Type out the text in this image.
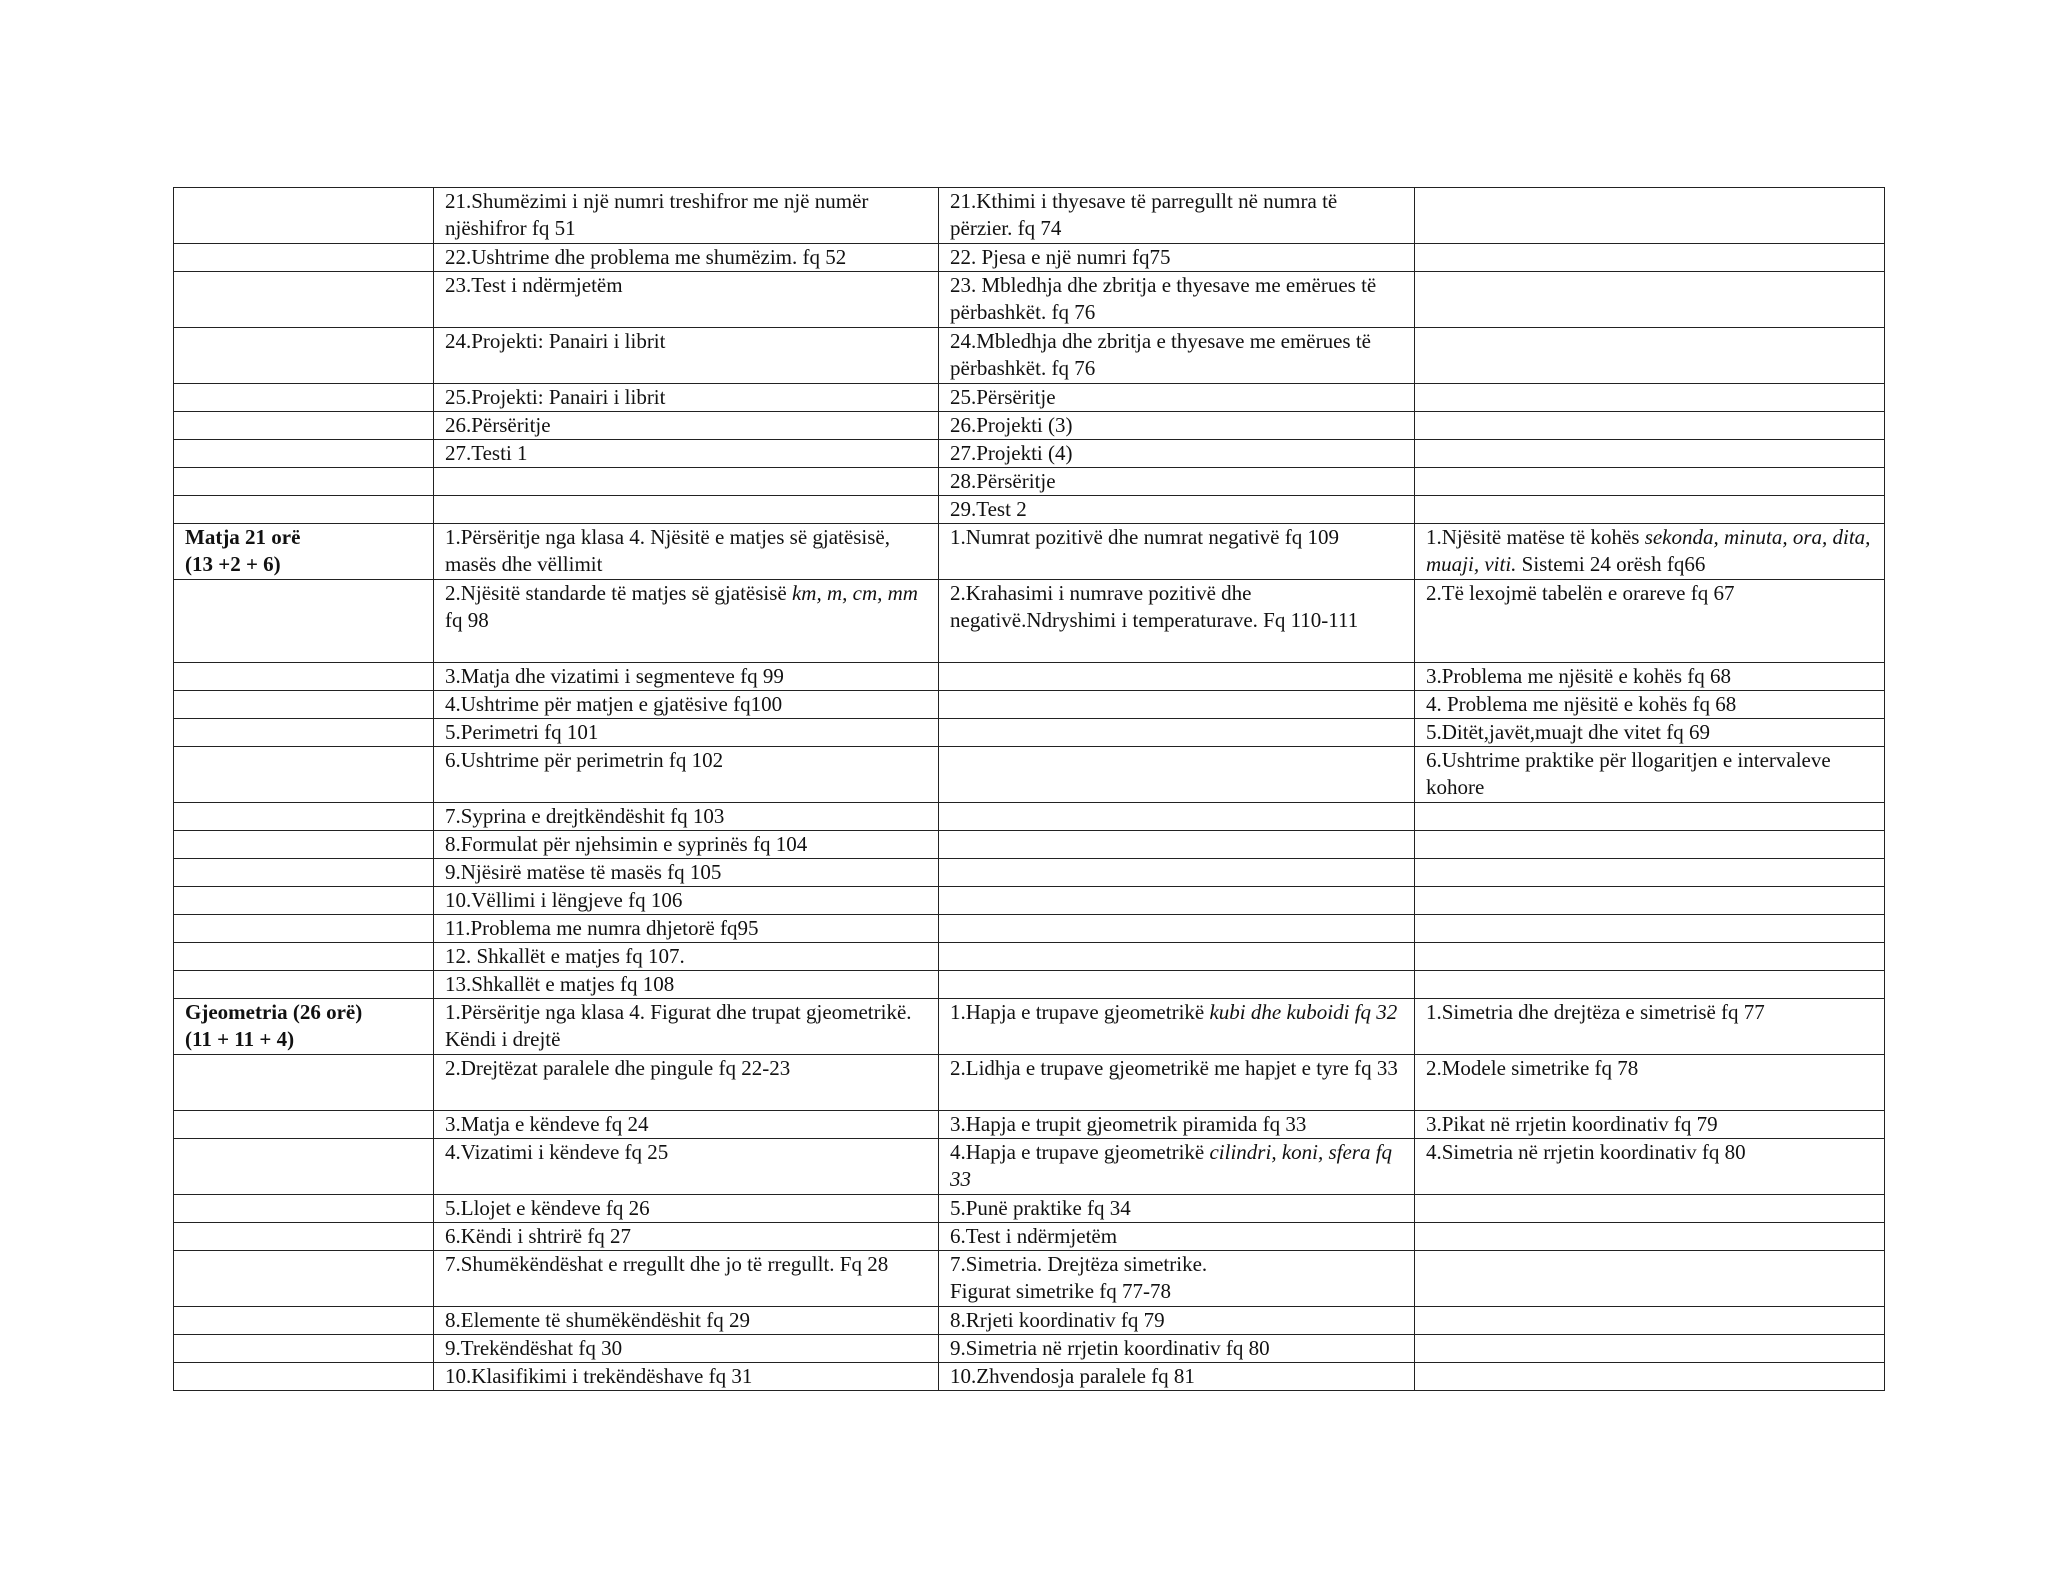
	21.Shumëzimi i një numri treshifror me një numër njëshifror fq 51	21.Kthimi i thyesave të parregullt në numra të përzier. fq 74	
	22.Ushtrime dhe problema me shumëzim. fq 52	22. Pjesa e një numri fq75	
	23.Test i ndërmjetëm	23. Mbledhja dhe zbritja e thyesave me emërues të përbashkët. fq 76	
	24.Projekti: Panairi i librit	24.Mbledhja dhe zbritja e thyesave me emërues të përbashkët. fq 76	
	25.Projekti: Panairi i librit	25.Përsëritje	
	26.Përsëritje	26.Projekti (3)	
	27.Testi 1	27.Projekti (4)	
		28.Përsëritje	
		29.Test 2	
Matja 21 orë
(13 +2 + 6)	1.Përsëritje nga klasa 4. Njësitë e matjes së gjatësisë, masës dhe vëllimit	1.Numrat pozitivë dhe numrat negativë fq 109	1.Njësitë matëse të kohës sekonda, minuta, ora, dita, muaji, viti. Sistemi 24 orësh fq66
	2.Njësitë standarde të matjes së gjatësisë km, m, cm, mm fq 98	2.Krahasimi i numrave pozitivë dhe negativë.Ndryshimi i temperaturave. Fq 110-111	2.Të lexojmë tabelën e orareve fq 67
	3.Matja dhe vizatimi i segmenteve fq 99		3.Problema me njësitë e kohës fq 68
	4.Ushtrime për matjen e gjatësive fq100		4. Problema me njësitë e kohës fq 68
	5.Perimetri fq 101		5.Ditët,javët,muajt dhe vitet fq 69
	6.Ushtrime për perimetrin fq 102		6.Ushtrime praktike për llogaritjen e intervaleve kohore
	7.Syprina e drejtkëndëshit fq 103		
	8.Formulat për njehsimin e syprinës fq 104		
	9.Njësirë matëse të masës fq 105		
	10.Vëllimi i lëngjeve fq 106		
	11.Problema me numra dhjetorë fq95		
	12. Shkallët e matjes fq 107.		
	13.Shkallët e matjes fq 108		
Gjeometria (26 orë)
(11 + 11 + 4)	1.Përsëritje nga klasa 4. Figurat dhe trupat gjeometrikë. Këndi i drejtë	1.Hapja e trupave gjeometrikë kubi dhe kuboidi fq 32	1.Simetria dhe drejtëza e simetrisë fq 77
	2.Drejtëzat paralele dhe pingule fq 22-23	2.Lidhja e trupave gjeometrikë me hapjet e tyre fq 33	2.Modele simetrike fq 78
	3.Matja e këndeve fq 24	3.Hapja e trupit gjeometrik piramida fq 33	3.Pikat në rrjetin koordinativ fq 79
	4.Vizatimi i këndeve fq 25	4.Hapja e trupave gjeometrikë cilindri, koni, sfera fq 33	4.Simetria në rrjetin koordinativ fq 80
	5.Llojet e këndeve fq 26	5.Punë praktike fq 34	
	6.Këndi i shtrirë fq 27	6.Test i ndërmjetëm	
	7.Shumëkëndëshat e rregullt dhe jo të rregullt. Fq 28	7.Simetria. Drejtëza simetrike.
Figurat simetrike fq 77-78	
	8.Elemente të shumëkëndëshit fq 29	8.Rrjeti koordinativ fq 79	
	9.Trekëndëshat fq 30	9.Simetria në rrjetin koordinativ fq 80	
	10.Klasifikimi i trekëndëshave fq 31	10.Zhvendosja paralele fq 81	
